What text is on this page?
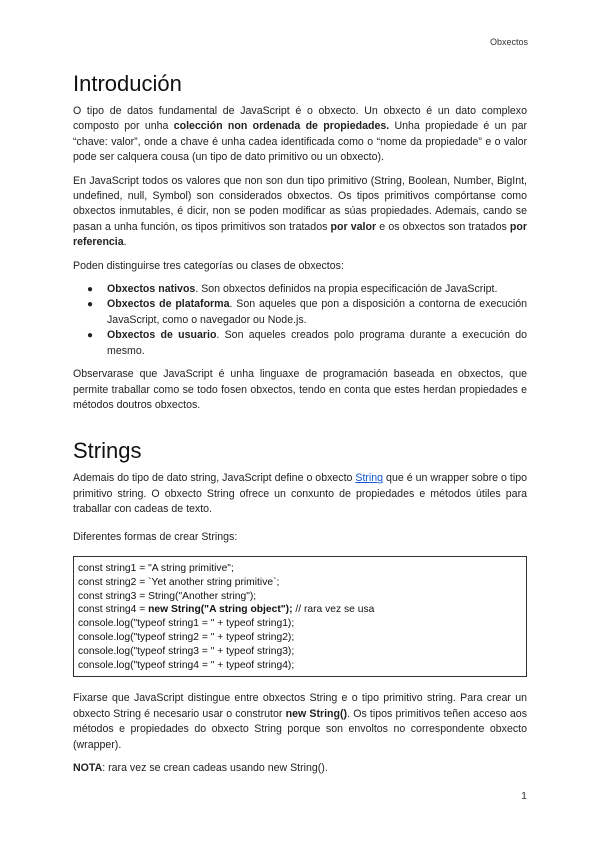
Obxectos
Introdución

O tipo de datos fundamental de JavaScript é o obxecto. Un obxecto é un dato complexo composto por unha colección non ordenada de propiedades. Unha propiedade é un par “chave: valor”, onde a chave é unha cadea identificada como o “nome da propiedade” e o valor pode ser calquera cousa (un tipo de dato primitivo ou un obxecto).

En JavaScript todos os valores que non son dun tipo primitivo (String, Boolean, Number, BigInt, undefined, null, Symbol) son considerados obxectos. Os tipos primitivos compórtanse como obxectos inmutables, é dicir, non se poden modificar as súas propiedades. Ademais, cando se pasan a unha función, os tipos primitivos son tratados por valor e os obxectos son tratados por referencia.

Poden distinguirse tres categorías ou clases de obxectos:

● Obxectos nativos. Son obxectos definidos na propia especificación de JavaScript.
● Obxectos de plataforma. Son aqueles que pon a disposición a contorna de execución JavaScript, como o navegador ou Node.js.
● Obxectos de usuario. Son aqueles creados polo programa durante a execución do mesmo.

Observarase que JavaScript é unha linguaxe de programación baseada en obxectos, que permite traballar como se todo fosen obxectos, tendo en conta que estes herdan propiedades e métodos doutros obxectos.

Strings

Ademais do tipo de dato string, JavaScript define o obxecto String que é un wrapper sobre o tipo primitivo string. O obxecto String ofrece un conxunto de propiedades e métodos útiles para traballar con cadeas de texto.

Diferentes formas de crear Strings:

const string1 = "A string primitive";
const string2 = `Yet another string primitive`;
const string3 = String("Another string");
const string4 = new String("A string object"); // rara vez se usa
console.log("typeof string1 = " + typeof string1);
console.log("typeof string2 = " + typeof string2);
console.log("typeof string3 = " + typeof string3);
console.log("typeof string4 = " + typeof string4);

Fixarse que JavaScript distingue entre obxectos String e o tipo primitivo string. Para crear un obxecto String é necesario usar o construtor new String(). Os tipos primitivos teñen acceso aos métodos e propiedades do obxecto String porque son envoltos no correspondente obxecto (wrapper).

NOTA: rara vez se crean cadeas usando new String().

1
